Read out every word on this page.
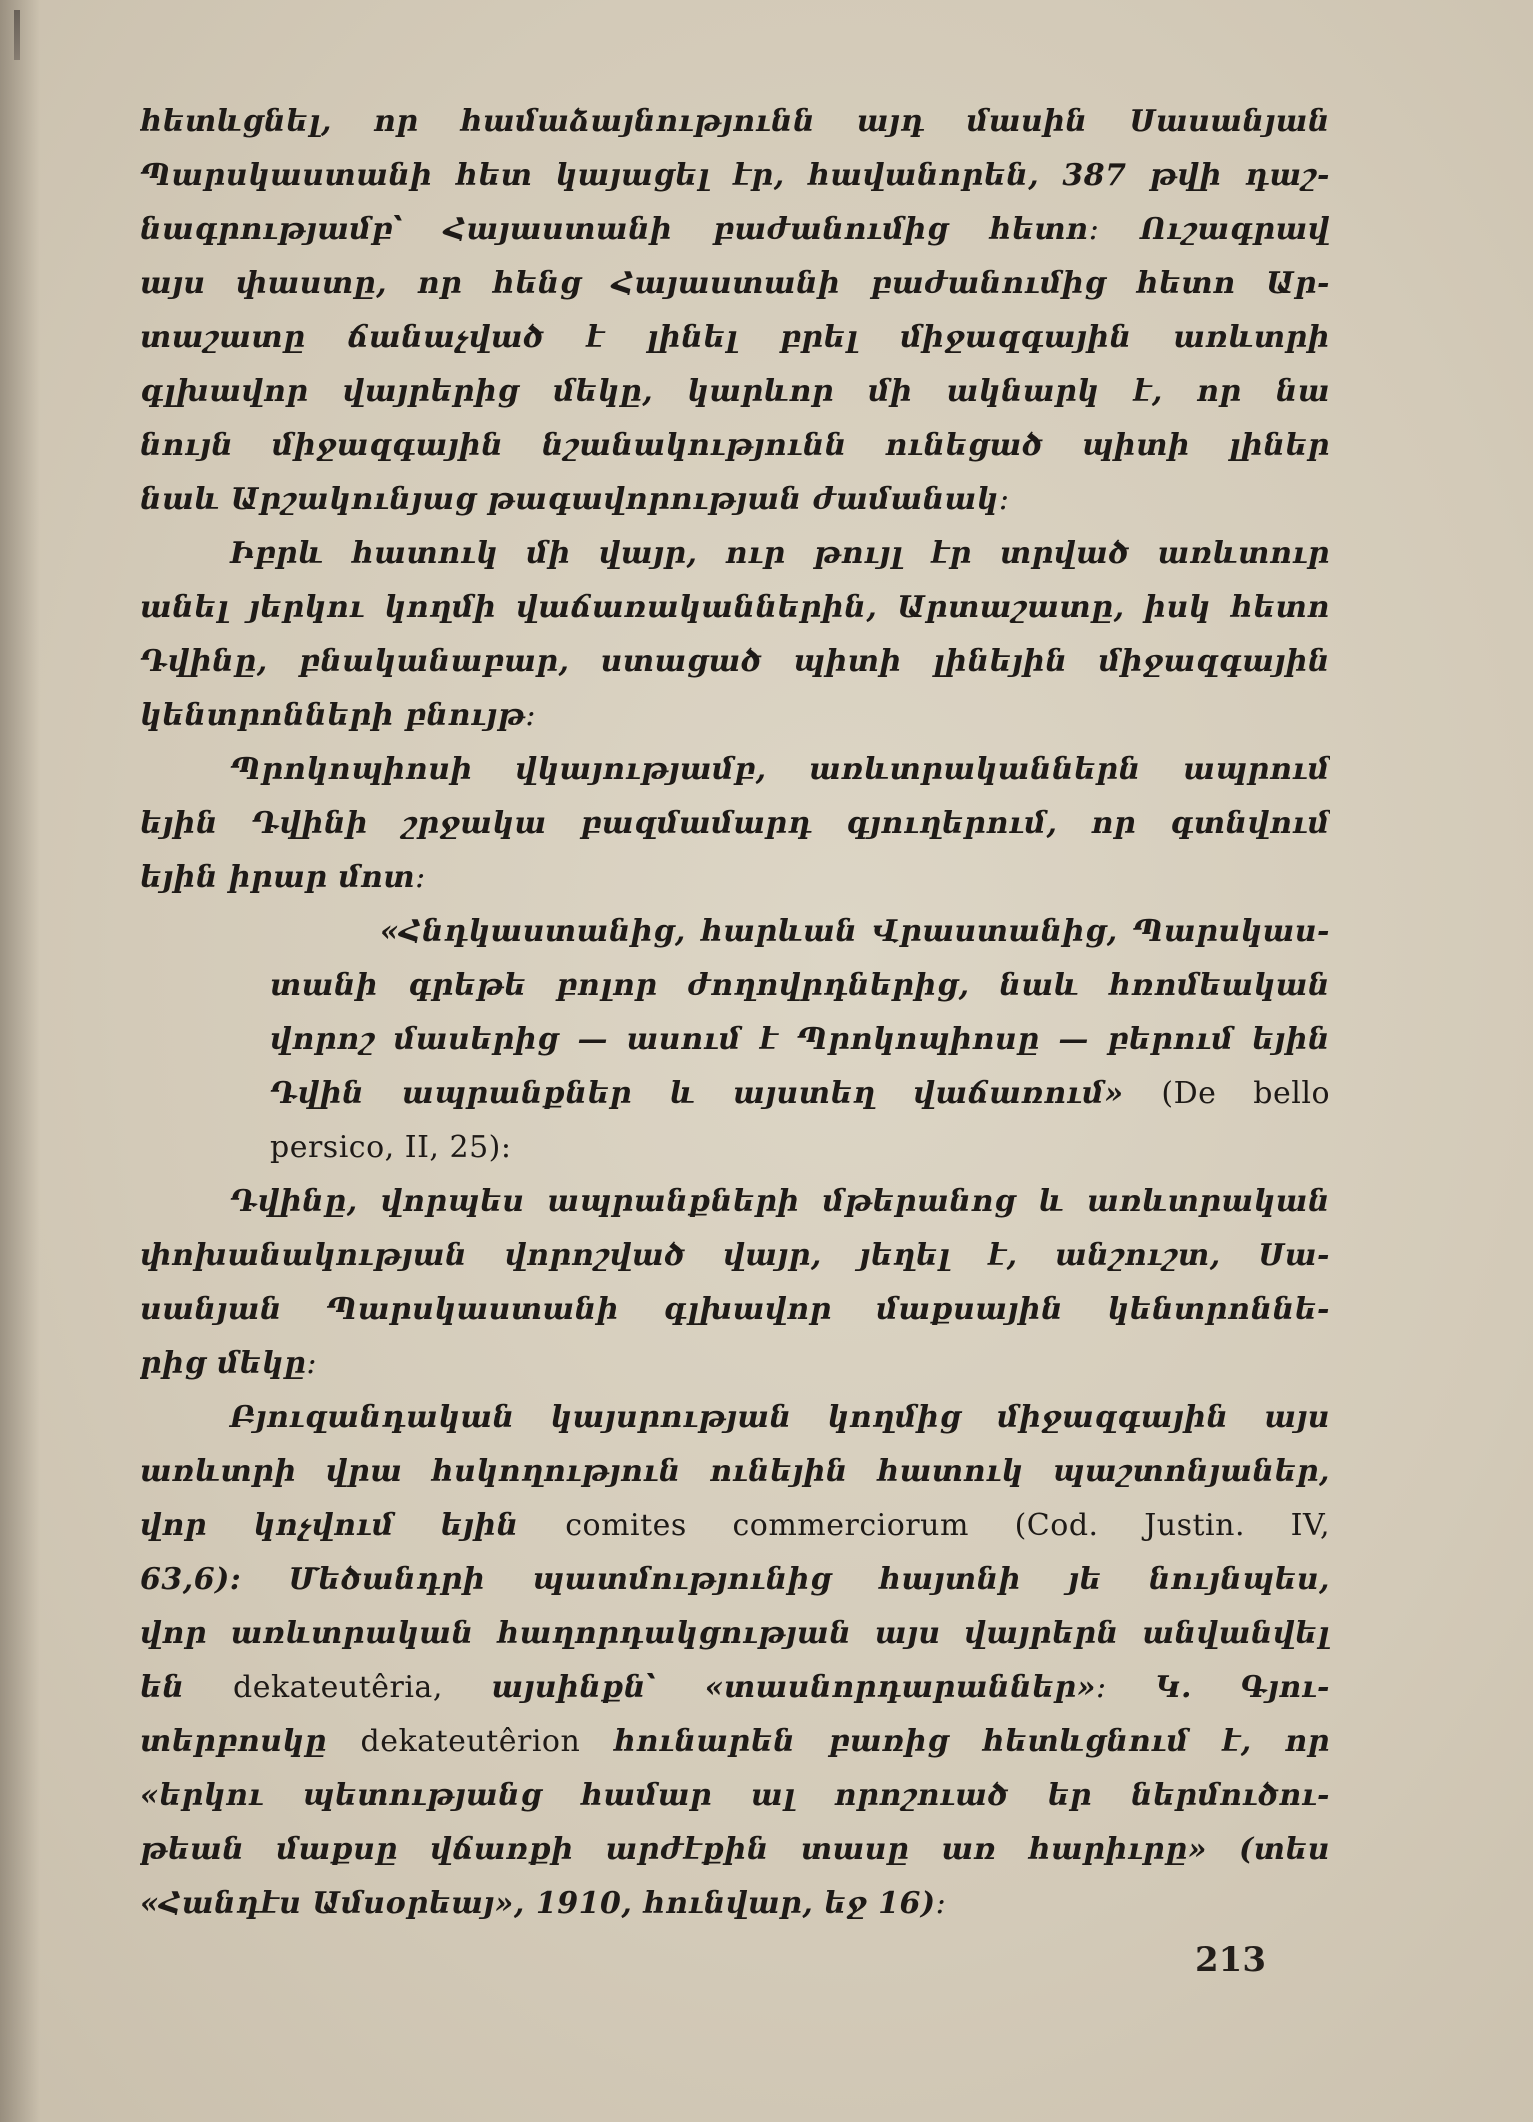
հետևցնել, որ համաձայնությունն այդ մասին Սասանյան
Պարսկաստանի հետ կայացել էր, հավանորեն, 387 թվի դաշ-
նագրությամբ՝ Հայաստանի բաժանումից հետո։ Ուշագրավ
այս փաստը, որ հենց Հայաստանի բաժանումից հետո Ար-
տաշատը ճանաչված է լինել բրել միջազգային առևտրի
գլխավոր վայրերից մեկը, կարևոր մի ակնարկ է, որ նա
նույն միջազգային նշանակությունն ունեցած պիտի լիներ
նաև Արշակունյաց թագավորության ժամանակ։
Իբրև հատուկ մի վայր, ուր թույլ էր տրված առևտուր
անել յերկու կողմի վաճառականներին, Արտաշատը, իսկ հետո
Դվինը, բնականաբար, ստացած պիտի լինեյին միջազգային
կենտրոնների բնույթ։
Պրոկոպիոսի վկայությամբ, առևտրականներն ապրում
եյին Դվինի շրջակա բազմամարդ գյուղերում, որ գտնվում
եյին իրար մոտ։
«Հնդկաստանից, հարևան Վրաստանից, Պարսկաս-
տանի գրեթե բոլոր ժողովրդներից, նաև հռոմեական
վորոշ մասերից — ասում է Պրոկոպիոսը — բերում եյին
Դվին ապրանքներ և այստեղ վաճառում» (De bello
persico, II, 25):
Դվինը, վորպես ապրանքների մթերանոց և առևտրական
փոխանակության վորոշված վայր, յեղել է, անշուշտ, Սա-
սանյան Պարսկաստանի գլխավոր մաքսային կենտրոննե-
րից մեկը։
Բյուզանդական կայսրության կողմից միջազգային այս
առևտրի վրա հսկողություն ունեյին հատուկ պաշտոնյաներ,
վոր կոչվում եյին comites commerciorum (Cod. Justin. IV,
63,6): Մեծանդրի պատմությունից հայտնի յե նույնպես,
վոր առևտրական հաղորդակցության այս վայրերն անվանվել
են dekateutêria, այսինքն՝ «տասնորդարաններ»։ Կ. Գյու-
տերբոսկը dekateutêrion հունարեն բառից հետևցնում է, որ
«երկու պետությանց համար ալ որոշուած եր ներմուծու-
թեան մաքսը վճառքի արժէքին տասը առ հարիւրը» (տես
«Հանդէս Ամսօրեայ», 1910, հունվար, եջ 16)։
213
